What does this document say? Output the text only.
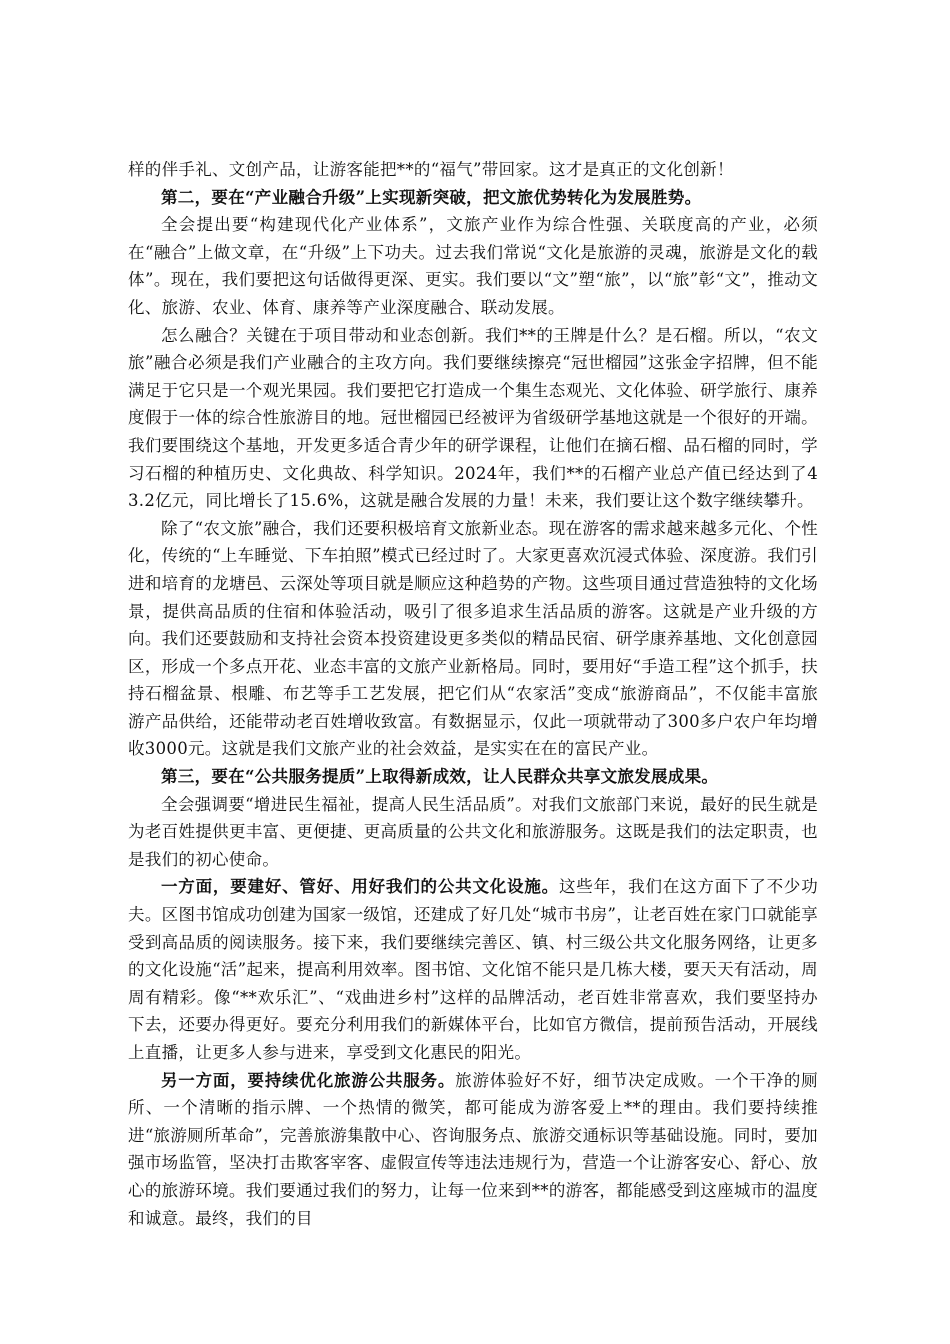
样的伴手礼、文创产品，让游客能把**的“福气”带回家。这才是真正的文化创新！

第二，要在“产业融合升级”上实现新突破，把文旅优势转化为发展胜势。

全会提出要“构建现代化产业体系”，文旅产业作为综合性强、关联度高的产业，必须在“融合”上做文章，在“升级”上下功夫。过去我们常说“文化是旅游的灵魂，旅游是文化的载体”。现在，我们要把这句话做得更深、更实。我们要以“文”塑“旅”，以“旅”彰“文”，推动文化、旅游、农业、体育、康养等产业深度融合、联动发展。

怎么融合？关键在于项目带动和业态创新。我们**的王牌是什么？是石榴。所以，“农文旅”融合必须是我们产业融合的主攻方向。我们要继续擦亮“冠世榴园”这张金字招牌，但不能满足于它只是一个观光果园。我们要把它打造成一个集生态观光、文化体验、研学旅行、康养度假于一体的综合性旅游目的地。冠世榴园已经被评为省级研学基地这就是一个很好的开端。我们要围绕这个基地，开发更多适合青少年的研学课程，让他们在摘石榴、品石榴的同时，学习石榴的种植历史、文化典故、科学知识。2024年，我们**的石榴产业总产值已经达到了43.2亿元，同比增长了15.6%，这就是融合发展的力量！未来，我们要让这个数字继续攀升。

除了“农文旅”融合，我们还要积极培育文旅新业态。现在游客的需求越来越多元化、个性化，传统的“上车睡觉、下车拍照”模式已经过时了。大家更喜欢沉浸式体验、深度游。我们引进和培育的龙塘邑、云深处等项目就是顺应这种趋势的产物。这些项目通过营造独特的文化场景，提供高品质的住宿和体验活动，吸引了很多追求生活品质的游客。这就是产业升级的方向。我们还要鼓励和支持社会资本投资建设更多类似的精品民宿、研学康养基地、文化创意园区，形成一个多点开花、业态丰富的文旅产业新格局。同时，要用好“手造工程”这个抓手，扶持石榴盆景、根雕、布艺等手工艺发展，把它们从“农家活”变成“旅游商品”，不仅能丰富旅游产品供给，还能带动老百姓增收致富。有数据显示，仅此一项就带动了300多户农户年均增收3000元。这就是我们文旅产业的社会效益，是实实在在的富民产业。

第三，要在“公共服务提质”上取得新成效，让人民群众共享文旅发展成果。

全会强调要“增进民生福祉，提高人民生活品质”。对我们文旅部门来说，最好的民生就是为老百姓提供更丰富、更便捷、更高质量的公共文化和旅游服务。这既是我们的法定职责，也是我们的初心使命。

一方面，要建好、管好、用好我们的公共文化设施。这些年，我们在这方面下了不少功夫。区图书馆成功创建为国家一级馆，还建成了好几处“城市书房”，让老百姓在家门口就能享受到高品质的阅读服务。接下来，我们要继续完善区、镇、村三级公共文化服务网络，让更多的文化设施“活”起来，提高利用效率。图书馆、文化馆不能只是几栋大楼，要天天有活动，周周有精彩。像“**欢乐汇”、“戏曲进乡村”这样的品牌活动，老百姓非常喜欢，我们要坚持办下去，还要办得更好。要充分利用我们的新媒体平台，比如官方微信，提前预告活动，开展线上直播，让更多人参与进来，享受到文化惠民的阳光。

另一方面，要持续优化旅游公共服务。旅游体验好不好，细节决定成败。一个干净的厕所、一个清晰的指示牌、一个热情的微笑，都可能成为游客爱上**的理由。我们要持续推进“旅游厕所革命”，完善旅游集散中心、咨询服务点、旅游交通标识等基础设施。同时，要加强市场监管，坚决打击欺客宰客、虚假宣传等违法违规行为，营造一个让游客安心、舒心、放心的旅游环境。我们要通过我们的努力，让每一位来到**的游客，都能感受到这座城市的温度和诚意。最终，我们的目
